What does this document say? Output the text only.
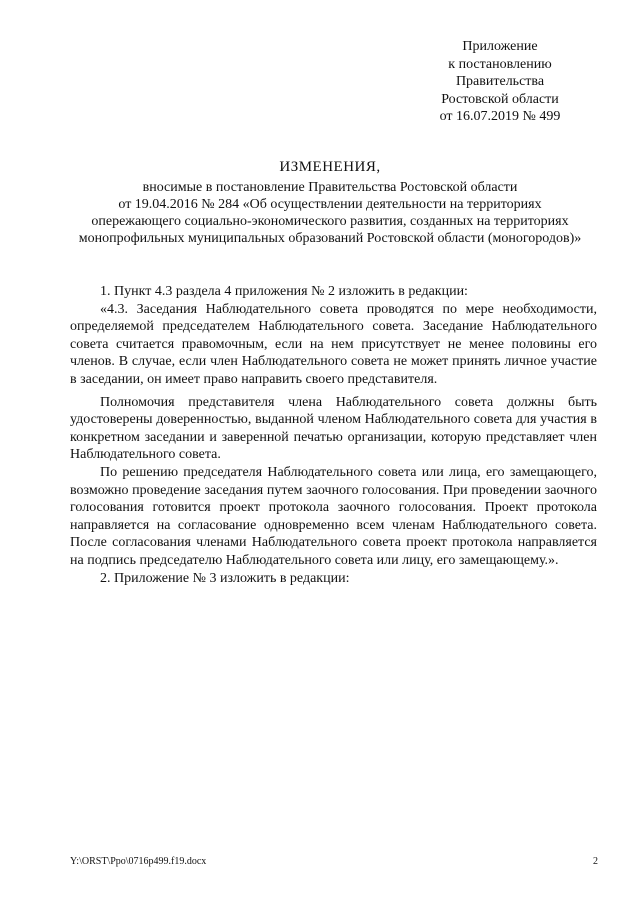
Приложение
к постановлению
Правительства
Ростовской области
от 16.07.2019 № 499
ИЗМЕНЕНИЯ,
вносимые в постановление Правительства Ростовской области
от 19.04.2016 № 284 «Об осуществлении деятельности на территориях
опережающего социально-экономического развития, созданных на территориях
монопрофильных муниципальных образований Ростовской области (моногородов)»

1. Пункт 4.3 раздела 4 приложения № 2 изложить в редакции:

«4.3. Заседания Наблюдательного совета проводятся по мере необходимости, определяемой председателем Наблюдательного совета. Заседание Наблюдательного совета считается правомочным, если на нем присутствует не менее половины его членов. В случае, если член Наблюдательного совета не может принять личное участие в заседании, он имеет право направить своего представителя.

Полномочия представителя члена Наблюдательного совета должны быть удостоверены доверенностью, выданной членом Наблюдательного совета для участия в конкретном заседании и заверенной печатью организации, которую представляет член Наблюдательного совета.

По решению председателя Наблюдательного совета или лица, его замещающего, возможно проведение заседания путем заочного голосования. При проведении заочного голосования готовится проект протокола заочного голосования. Проект протокола направляется на согласование одновременно всем членам Наблюдательного совета. После согласования членами Наблюдательного совета проект протокола направляется на подпись председателю Наблюдательного совета или лицу, его замещающему.».

2. Приложение № 3 изложить в редакции:

Y:\ORST\Ppo\0716p499.f19.docx	2
